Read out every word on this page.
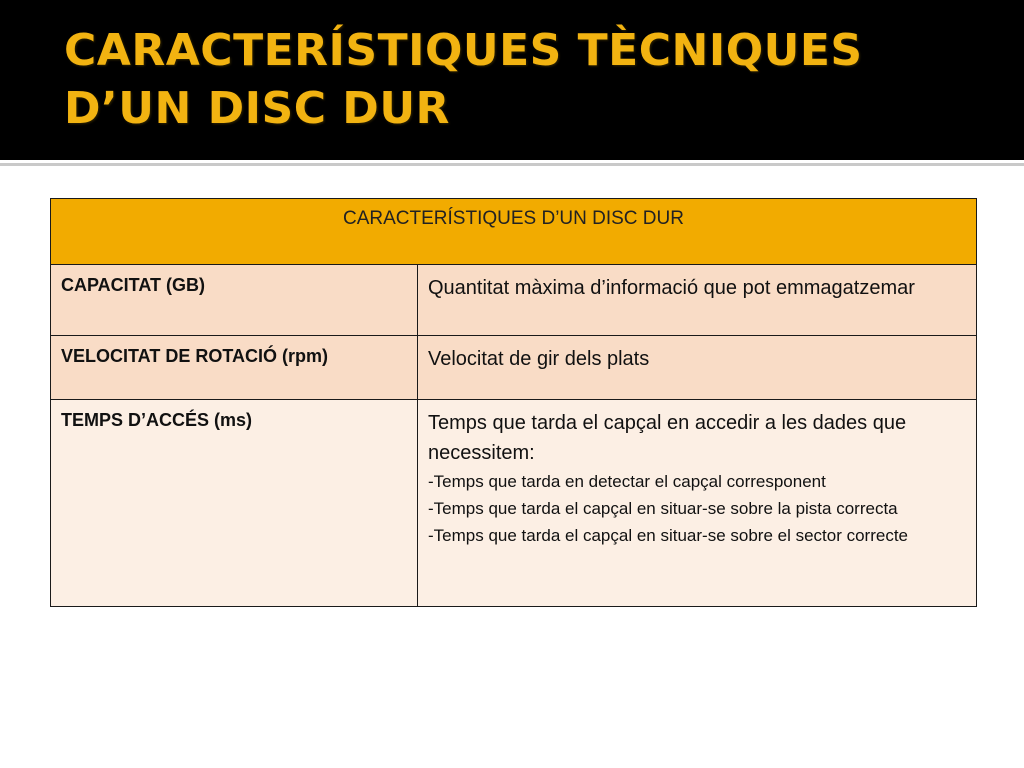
CARACTERÍSTIQUES TÈCNIQUES
D’UN DISC DUR
CARACTERÍSTIQUES D’UN DISC DUR	
CAPACITAT (GB)	Quantitat màxima d’informació que pot emmagatzemar
VELOCITAT DE ROTACIÓ (rpm)	Velocitat de gir dels plats
TEMPS D’ACCÉS (ms)	Temps que tarda el capçal en accedir a les dades que necessitem:
-Temps que tarda en detectar el capçal corresponent
-Temps que tarda el capçal en situar-se sobre la pista correcta
-Temps que tarda el capçal en situar-se sobre el sector correcte
